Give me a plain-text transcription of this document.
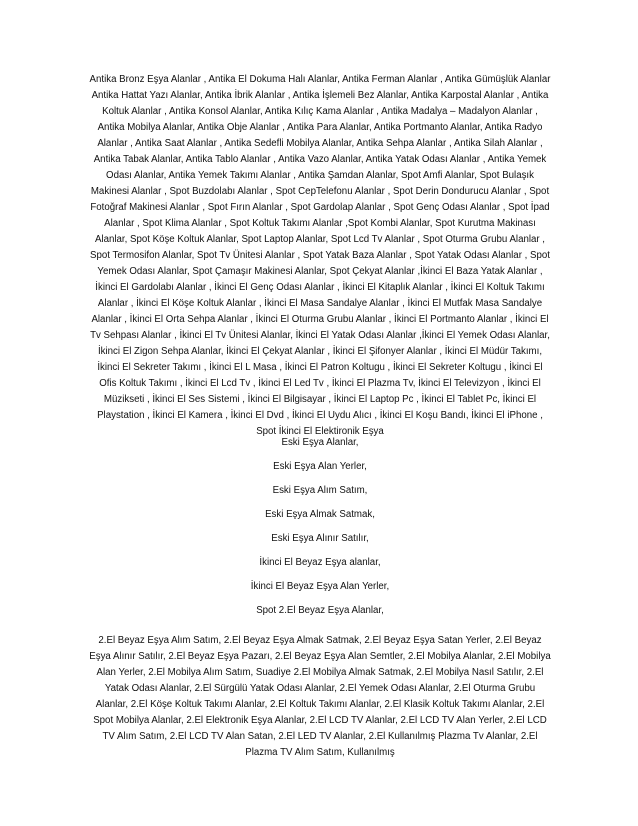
Antika Bronz Eşya Alanlar , Antika El Dokuma Halı Alanlar, Antika Ferman Alanlar , Antika Gümüşlük Alanlar Antika Hattat Yazı Alanlar, Antika İbrik Alanlar , Antika İşlemeli Bez Alanlar, Antika Karpostal Alanlar , Antika Koltuk Alanlar , Antika Konsol Alanlar, Antika Kılıç Kama Alanlar , Antika Madalya – Madalyon Alanlar , Antika Mobilya Alanlar, Antika Obje Alanlar , Antika Para Alanlar, Antika Portmanto Alanlar, Antika Radyo Alanlar , Antika Saat Alanlar , Antika Sedefli Mobilya Alanlar, Antika Sehpa Alanlar , Antika Silah Alanlar , Antika Tabak Alanlar, Antika Tablo Alanlar , Antika Vazo Alanlar, Antika Yatak Odası Alanlar , Antika Yemek Odası Alanlar, Antika Yemek Takımı Alanlar , Antika Şamdan Alanlar, Spot Amfi Alanlar, Spot Bulaşık Makinesi Alanlar , Spot Buzdolabı Alanlar , Spot CepTelefonu Alanlar , Spot Derin Dondurucu Alanlar , Spot Fotoğraf Makinesi Alanlar , Spot Fırın Alanlar , Spot Gardolap Alanlar , Spot Genç Odası Alanlar , Spot İpad Alanlar , Spot Klima Alanlar , Spot Koltuk Takımı Alanlar ,Spot Kombi Alanlar, Spot Kurutma Makinası Alanlar, Spot Köşe Koltuk Alanlar, Spot Laptop Alanlar, Spot Lcd Tv Alanlar , Spot Oturma Grubu Alanlar , Spot Termosifon Alanlar, Spot Tv Ünitesi Alanlar , Spot Yatak Baza Alanlar , Spot Yatak Odası Alanlar , Spot Yemek Odası Alanlar, Spot Çamaşır Makinesi Alanlar, Spot Çekyat Alanlar ,İkinci El Baza Yatak Alanlar , İkinci El Gardolabı Alanlar , İkinci El Genç Odası Alanlar , İkinci El Kitaplık Alanlar , İkinci El Koltuk Takımı Alanlar , İkinci El Köşe Koltuk Alanlar , İkinci El Masa Sandalye Alanlar , İkinci El Mutfak Masa Sandalye Alanlar , İkinci El Orta Sehpa Alanlar , İkinci El Oturma Grubu Alanlar , İkinci El Portmanto Alanlar , İkinci El Tv Sehpası Alanlar , İkinci El Tv Ünitesi Alanlar, İkinci El Yatak Odası Alanlar ,İkinci El Yemek Odası Alanlar, İkinci El Zigon Sehpa Alanlar, İkinci El Çekyat Alanlar , İkinci El Şifonyer Alanlar , İkinci El Müdür Takımı, İkinci El Sekreter Takımı , İkinci El L Masa , İkinci El Patron Koltugu , İkinci El Sekreter Koltugu , İkinci El Ofis Koltuk Takımı , İkinci El Lcd Tv , İkinci El Led Tv , İkinci El Plazma Tv, İkinci El Televizyon , İkinci El Müzikseti , İkinci El Ses Sistemi , İkinci El Bilgisayar , İkinci El Laptop Pc , İkinci El Tablet Pc, İkinci El Playstation , İkinci El Kamera , İkinci El Dvd , İkinci El Uydu Alıcı , İkinci El Koşu Bandı, İkinci El iPhone , Spot İkinci El Elektironik Eşya

Eski Eşya Alanlar,
Eski Eşya Alan Yerler,
Eski Eşya Alım Satım,
Eski Eşya Almak Satmak,
Eski Eşya Alınır Satılır,
İkinci El Beyaz Eşya alanlar,
İkinci El Beyaz Eşya Alan Yerler,
Spot 2.El Beyaz Eşya Alanlar,

2.El Beyaz Eşya Alım Satım, 2.El Beyaz Eşya Almak Satmak, 2.El Beyaz Eşya Satan Yerler, 2.El Beyaz Eşya Alınır Satılır, 2.El Beyaz Eşya Pazarı, 2.El Beyaz Eşya Alan Semtler, 2.El Mobilya Alanlar, 2.El Mobilya Alan Yerler, 2.El Mobilya Alım Satım, Suadiye 2.El Mobilya Almak Satmak, 2.El Mobilya Nasıl Satılır, 2.El Yatak Odası Alanlar, 2.El Sürgülü Yatak Odası Alanlar, 2.El Yemek Odası Alanlar, 2.El Oturma Grubu Alanlar, 2.El Köşe Koltuk Takımı Alanlar, 2.El Koltuk Takımı Alanlar, 2.El Klasik Koltuk Takımı Alanlar, 2.El Spot Mobilya Alanlar, 2.El Elektronik Eşya Alanlar, 2.El LCD TV Alanlar, 2.El LCD TV Alan Yerler, 2.El LCD TV Alım Satım, 2.El LCD TV Alan Satan, 2.El LED TV Alanlar, 2.El Kullanılmış Plazma Tv Alanlar, 2.El Plazma TV Alım Satım, Kullanılmış
